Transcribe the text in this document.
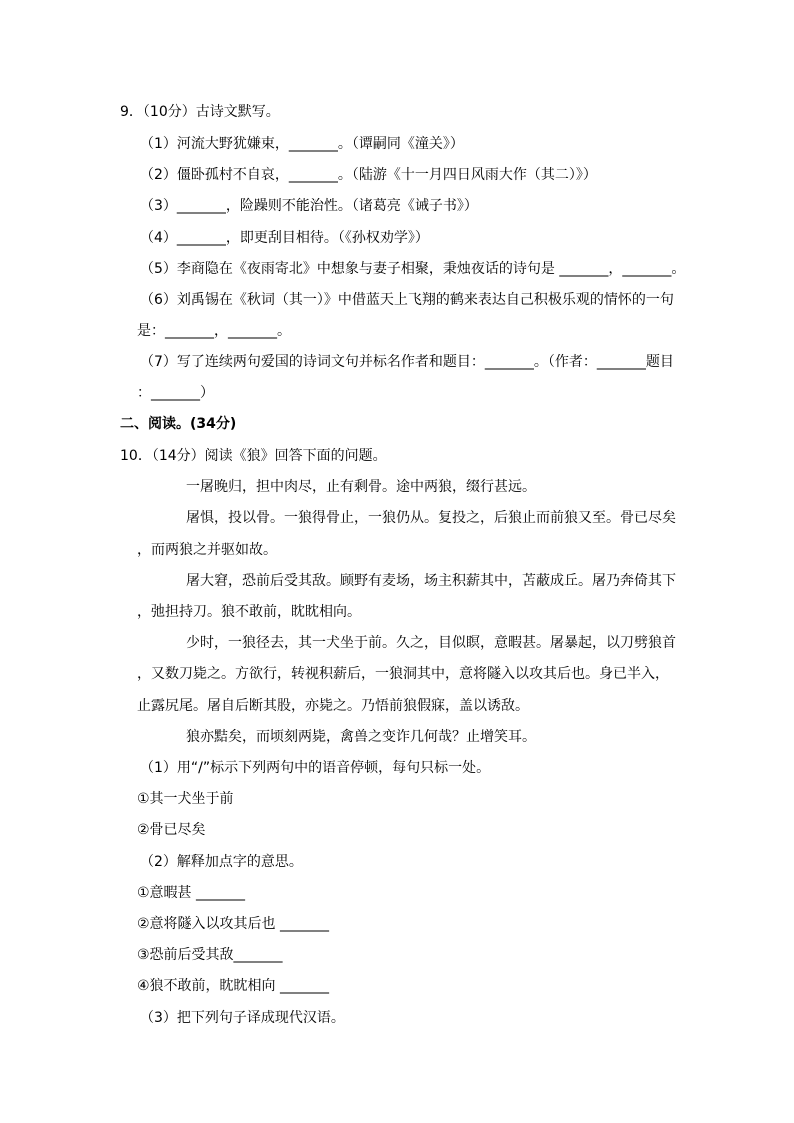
9．（10分）古诗文默写。
（1）河流大野犹嫌束，_______。（谭嗣同《潼关》）
（2）僵卧孤村不自哀，_______。（陆游《十一月四日风雨大作（其二）》）
（3）_______，险躁则不能治性。（诸葛亮《诫子书》）
（4）_______，即更刮目相待。（《孙权劝学》）
（5）李商隐在《夜雨寄北》中想象与妻子相聚，秉烛夜话的诗句是 _______，_______。
（6）刘禹锡在《秋词（其一）》中借蓝天上飞翔的鹤来表达自己积极乐观的情怀的一句
是：_______，_______。
（7）写了连续两句爱国的诗词文句并标名作者和题目：_______。（作者：_______题目
：_______）
二、阅读。(34分)
10．（14分）阅读《狼》回答下面的问题。
一屠晚归，担中肉尽，止有剩骨。途中两狼，缀行甚远。
屠惧，投以骨。一狼得骨止，一狼仍从。复投之，后狼止而前狼又至。骨已尽矣
，而两狼之并驱如故。
屠大窘，恐前后受其敌。顾野有麦场，场主积薪其中，苫蔽成丘。屠乃奔倚其下
，弛担持刀。狼不敢前，眈眈相向。
少时，一狼径去，其一犬坐于前。久之，目似瞑，意暇甚。屠暴起，以刀劈狼首
，又数刀毙之。方欲行，转视积薪后，一狼洞其中，意将隧入以攻其后也。身已半入，
止露尻尾。屠自后断其股，亦毙之。乃悟前狼假寐，盖以诱敌。
狼亦黠矣，而顷刻两毙，禽兽之变诈几何哉？止增笑耳。
（1）用“/”标示下列两句中的语音停顿，每句只标一处。
①其一犬坐于前
②骨已尽矣
（2）解释加点字的意思。
①意暇甚 _______
②意将隧入以攻其后也 _______
③恐前后受其敌_______
④狼不敢前，眈眈相向 _______
（3）把下列句子译成现代汉语。
